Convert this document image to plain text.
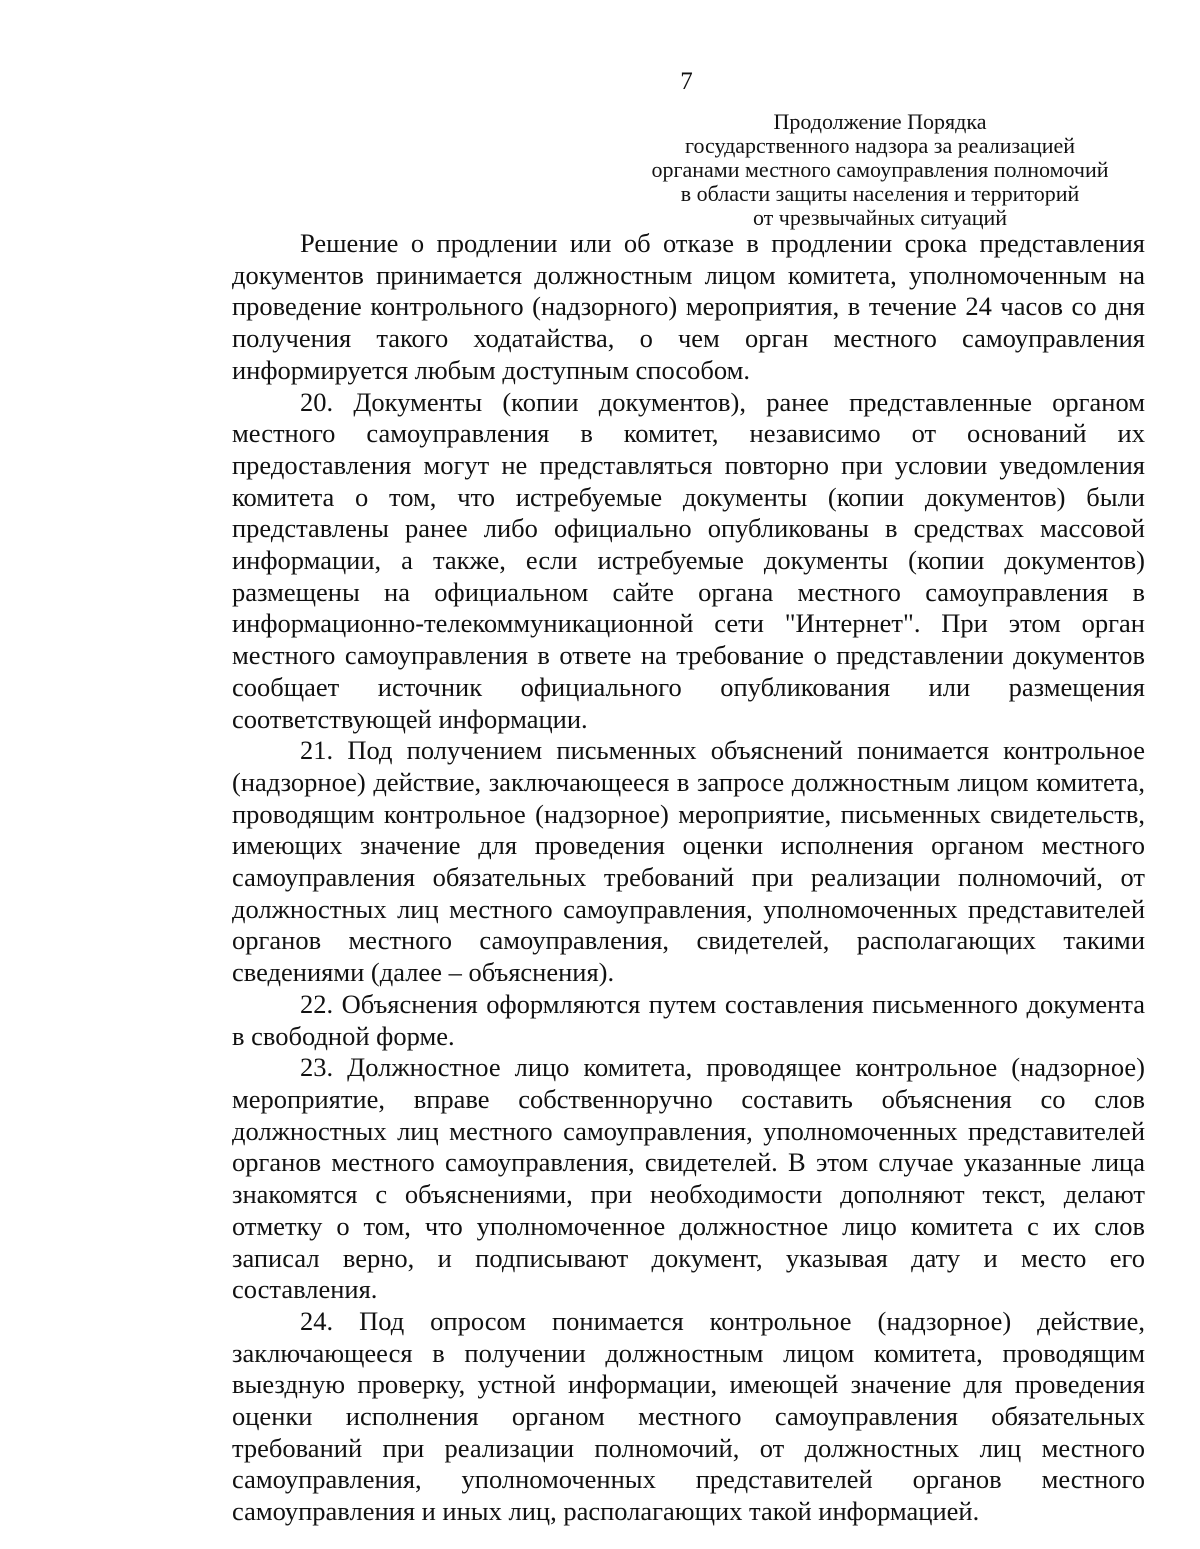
7
Продолжение Порядка
государственного надзора за реализацией
органами местного самоуправления полномочий
в области защиты населения и территорий
от чрезвычайных ситуаций

Решение о продлении или об отказе в продлении срока представления документов принимается должностным лицом комитета, уполномоченным на проведение контрольного (надзорного) мероприятия, в течение 24 часов со дня получения такого ходатайства, о чем орган местного самоуправления информируется любым доступным способом.

20. Документы (копии документов), ранее представленные органом местного самоуправления в комитет, независимо от оснований их предоставления могут не представляться повторно при условии уведомления комитета о том, что истребуемые документы (копии документов) были представлены ранее либо официально опубликованы в средствах массовой информации, а также, если истребуемые документы (копии документов) размещены на официальном сайте органа местного самоуправления в информационно-телекоммуникационной сети "Интернет". При этом орган местного самоуправления в ответе на требование о представлении документов сообщает источник официального опубликования или размещения соответствующей информации.

21. Под получением письменных объяснений понимается контрольное (надзорное) действие, заключающееся в запросе должностным лицом комитета, проводящим контрольное (надзорное) мероприятие, письменных свидетельств, имеющих значение для проведения оценки исполнения органом местного самоуправления обязательных требований при реализации полномочий, от должностных лиц местного самоуправления, уполномоченных представителей органов местного самоуправления, свидетелей, располагающих такими сведениями (далее – объяснения).

22. Объяснения оформляются путем составления письменного документа в свободной форме.

23. Должностное лицо комитета, проводящее контрольное (надзорное) мероприятие, вправе собственноручно составить объяснения со слов должностных лиц местного самоуправления, уполномоченных представителей органов местного самоуправления, свидетелей. В этом случае указанные лица знакомятся с объяснениями, при необходимости дополняют текст, делают отметку о том, что уполномоченное должностное лицо комитета с их слов записал верно, и подписывают документ, указывая дату и место его составления.

24. Под опросом понимается контрольное (надзорное) действие, заключающееся в получении должностным лицом комитета, проводящим выездную проверку, устной информации, имеющей значение для проведения оценки исполнения органом местного самоуправления обязательных требований при реализации полномочий, от должностных лиц местного самоуправления, уполномоченных представителей органов местного самоуправления и иных лиц, располагающих такой информацией.
